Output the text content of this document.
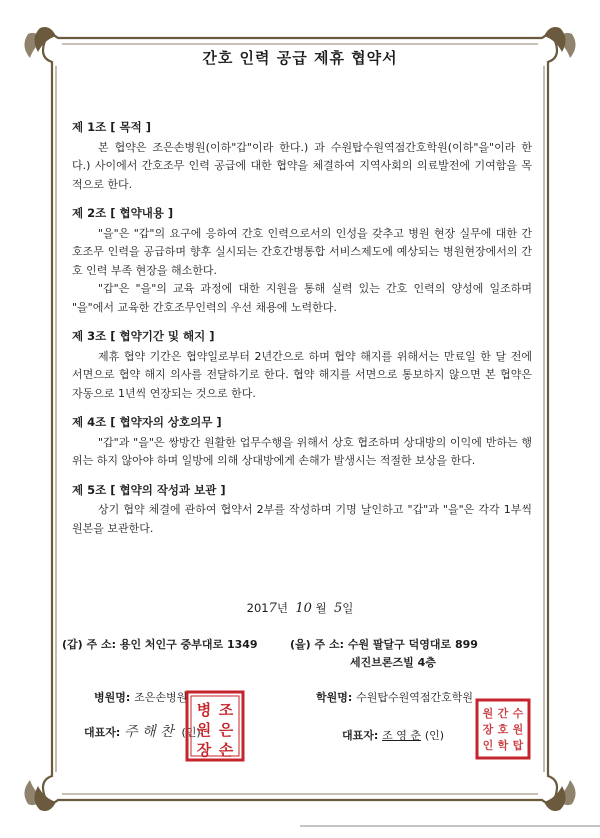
간호 인력 공급 제휴 협약서
제 1조 [ 목적 ]

본 협약은 조은손병원(이하"갑"이라 한다.) 과 수원탑수원역점간호학원(이하"을"이라 한다.) 사이에서 간호조무 인력 공급에 대한 협약을 체결하여 지역사회의 의료발전에 기여함을 목적으로 한다.

제 2조 [ 협약내용 ]

"을"은 "갑"의 요구에 응하여 간호 인력으로서의 인성을 갖추고 병원 현장 실무에 대한 간호조무 인력을 공급하며 향후 실시되는 간호간병통합 서비스제도에 예상되는 병원현장에서의 간호 인력 부족 현장을 해소한다.

"갑"은 "을"의 교육 과정에 대한 지원을 통해 실력 있는 간호 인력의 양성에 일조하며 "을"에서 교육한 간호조무인력의 우선 채용에 노력한다.

제 3조 [ 협약기간 및 해지 ]

제휴 협약 기간은 협약일로부터 2년간으로 하며 협약 해지를 위해서는 만료일 한 달 전에 서면으로 협약 해지 의사를 전달하기로 한다. 협약 해지를 서면으로 통보하지 않으면 본 협약은 자동으로 1년씩 연장되는 것으로 한다.

제 4조 [ 협약자의 상호의무 ]

"갑"과 "을"은 쌍방간 원활한 업무수행을 위해서 상호 협조하며 상대방의 이익에 반하는 행위는 하지 않아야 하며 일방에 의해 상대방에게 손해가 발생시는 적절한 보상을 한다.

제 5조 [ 협약의 작성과 보관 ]

상기 협약 체결에 관하여 협약서 2부를 작성하며 기명 날인하고 "갑"과 "을"은 각각 1부씩 원본을 보관한다.

2017년 10 월 5일
(갑) 주 소: 용인 처인구 중부대로 1349	(을) 주 소: 수원 팔달구 덕영대로 899
세진브론즈빌 4층
병원명: 조은손병원	학원명: 수원탑수원역점간호학원
대표자: 주 해 찬 (인)	대표자: 조 영 춘 (인)
조
은
손
병
원
장
수
원
탑
간
호
학
원
장
인
